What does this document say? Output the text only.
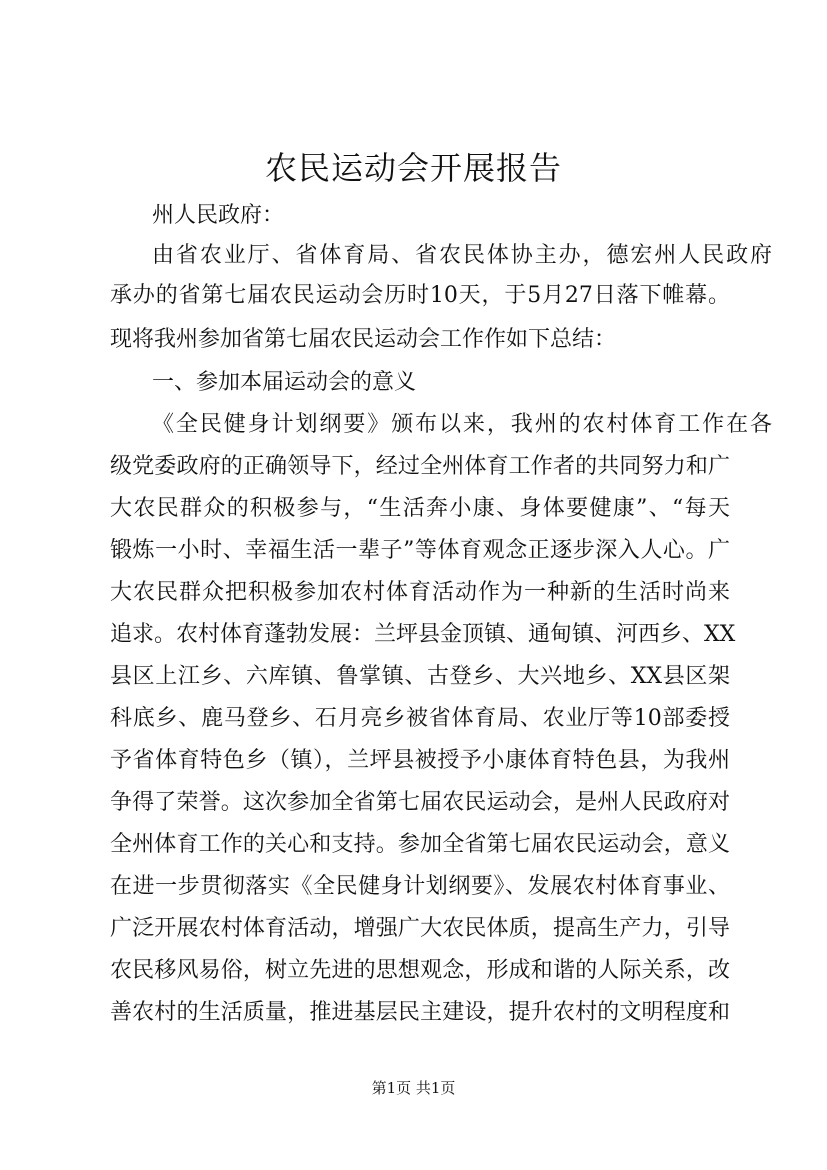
农民运动会开展报告
州人民政府：
由省农业厅、省体育局、省农民体协主办，德宏州人民政府
承办的省第七届农民运动会历时10天，于5月27日落下帷幕。
现将我州参加省第七届农民运动会工作作如下总结：
一、参加本届运动会的意义
《全民健身计划纲要》颁布以来，我州的农村体育工作在各
级党委政府的正确领导下，经过全州体育工作者的共同努力和广
大农民群众的积极参与，“生活奔小康、身体要健康”、“每天
锻炼一小时、幸福生活一辈子”等体育观念正逐步深入人心。广
大农民群众把积极参加农村体育活动作为一种新的生活时尚来
追求。农村体育蓬勃发展：兰坪县金顶镇、通甸镇、河西乡、XX
县区上江乡、六库镇、鲁掌镇、古登乡、大兴地乡、XX县区架
科底乡、鹿马登乡、石月亮乡被省体育局、农业厅等10部委授
予省体育特色乡（镇），兰坪县被授予小康体育特色县，为我州
争得了荣誉。这次参加全省第七届农民运动会，是州人民政府对
全州体育工作的关心和支持。参加全省第七届农民运动会，意义
在进一步贯彻落实《全民健身计划纲要》、发展农村体育事业、
广泛开展农村体育活动，增强广大农民体质，提高生产力，引导
农民移风易俗，树立先进的思想观念，形成和谐的人际关系，改
善农村的生活质量，推进基层民主建设，提升农村的文明程度和
第1页 共1页
